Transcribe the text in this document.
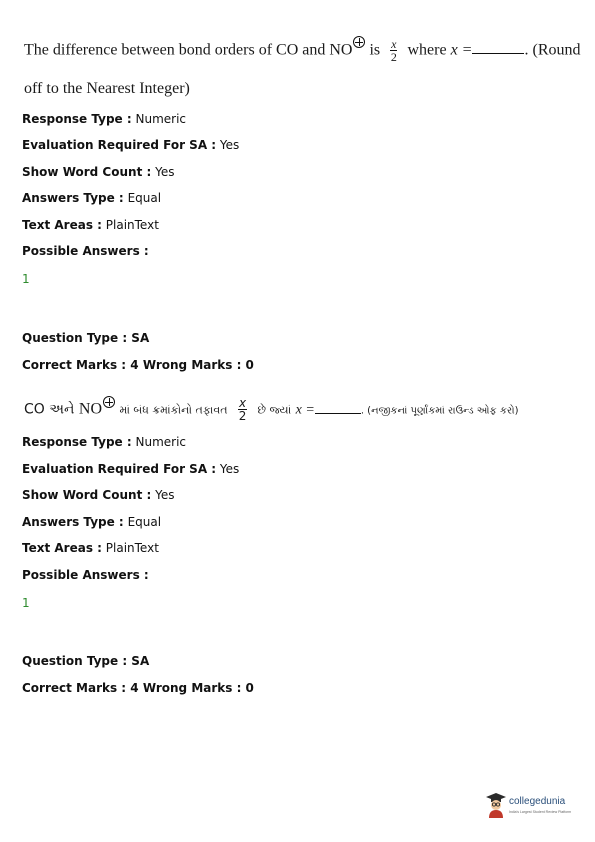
The difference between bond orders of CO and NO is $\frac{x}{2}$ where x =	. (Round
off to the Nearest Integer)
Response Type : Numeric
Evaluation Required For SA : Yes
Show Word Count : Yes
Answers Type : Equal
Text Areas : PlainText
Possible Answers :
1
Question Type : SA
Correct Marks : 4 Wrong Marks : 0
CO અને NO માં બંધ ક્રમાંકોનો તફાવત $\frac{x}{2}$ છે જ્યાં x =	. (નજીકનાં પૂર્ણાંકમાં રાઉન્ડ ઓફ કરો)
Response Type : Numeric
Evaluation Required For SA : Yes
Show Word Count : Yes
Answers Type : Equal
Text Areas : PlainText
Possible Answers :
1
Question Type : SA
Correct Marks : 4 Wrong Marks : 0
collegedunia
India's Largest Student Review Platform
